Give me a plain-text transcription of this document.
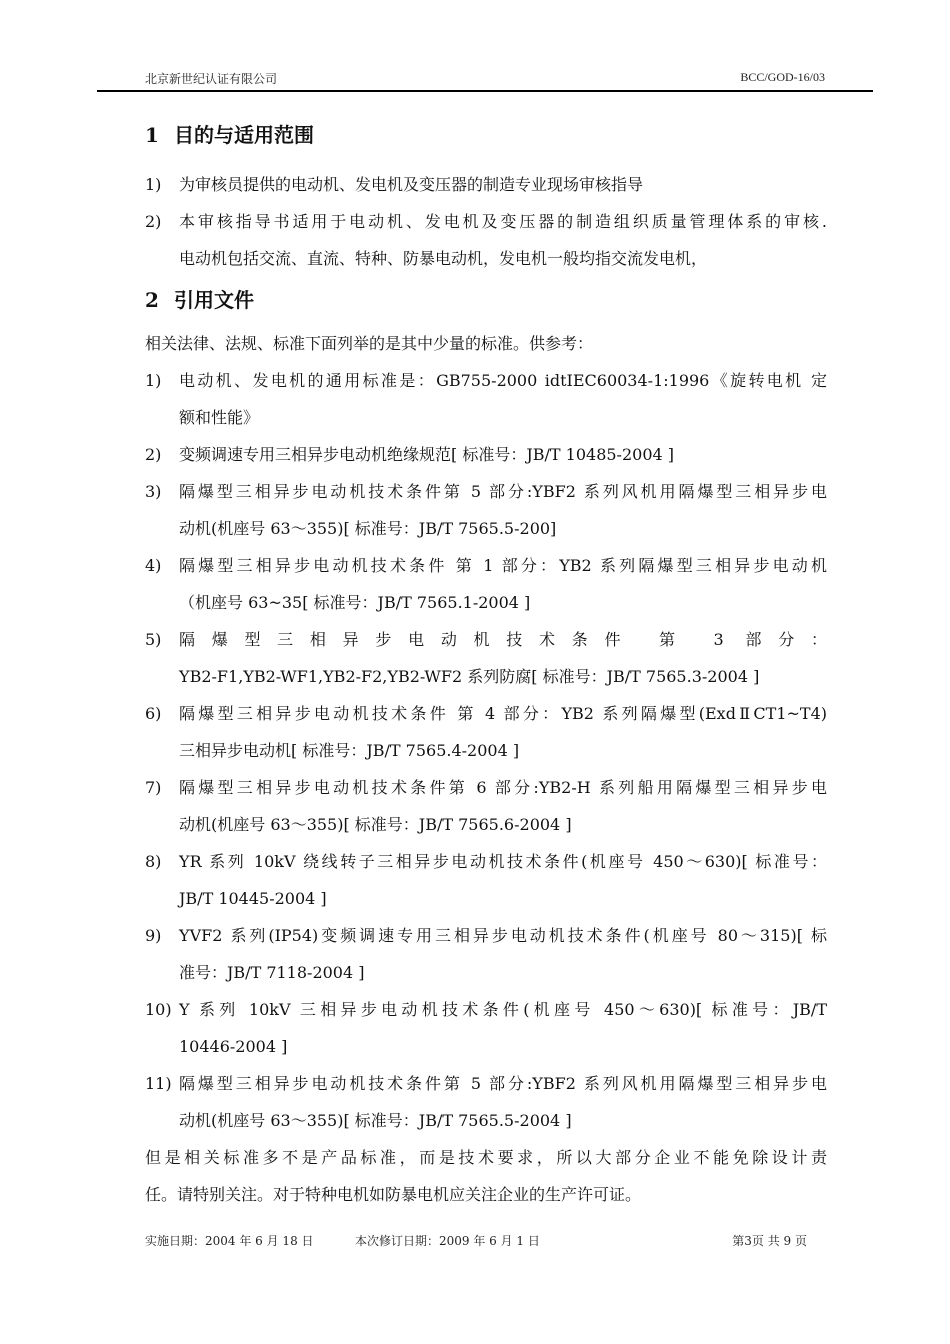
北京新世纪认证有限公司	BCC/GOD-16/03
1 目的与适用范围
1) 为审核员提供的电动机、发电机及变压器的制造专业现场审核指导
2) 本审核指导书适用于电动机、发电机及变压器的制造组织质量管理体系的审核.
电动机包括交流、直流、特种、防暴电动机，发电机一般均指交流发电机，
2 引用文件
相关法律、法规、标准下面列举的是其中少量的标准。供参考：
1) 电动机、发电机的通用标准是：GB755-2000 idtIEC60034-1:1996《旋转电机 定
额和性能》
2) 变频调速专用三相异步电动机绝缘规范[ 标准号：JB/T 10485-2004 ]
3) 隔爆型三相异步电动机技术条件第 5 部分:YBF2 系列风机用隔爆型三相异步电
动机(机座号 63～355)[ 标准号：JB/T 7565.5-200]
4) 隔爆型三相异步电动机技术条件 第 1 部分：YB2 系列隔爆型三相异步电动机
（机座号 63~35[ 标准号：JB/T 7565.1-2004 ]
5) 隔爆型三相异步电动机技术条件 第 3 部分：
YB2-F1,YB2-WF1,YB2-F2,YB2-WF2 系列防腐[ 标准号：JB/T 7565.3-2004 ]
6) 隔爆型三相异步电动机技术条件 第 4 部分：YB2 系列隔爆型(ExdⅡCT1~T4)
三相异步电动机[ 标准号：JB/T 7565.4-2004 ]
7) 隔爆型三相异步电动机技术条件第 6 部分:YB2-H 系列船用隔爆型三相异步电
动机(机座号 63～355)[ 标准号：JB/T 7565.6-2004 ]
8) YR 系列 10kV 绕线转子三相异步电动机技术条件(机座号 450～630)[ 标准号：
JB/T 10445-2004 ]
9) YVF2 系列(IP54)变频调速专用三相异步电动机技术条件(机座号 80～315)[ 标
准号：JB/T 7118-2004 ]
10) Y 系列 10kV 三相异步电动机技术条件(机座号 450～630)[ 标准号：JB/T
10446-2004 ]
11) 隔爆型三相异步电动机技术条件第 5 部分:YBF2 系列风机用隔爆型三相异步电
动机(机座号 63～355)[ 标准号：JB/T 7565.5-2004 ]
但是相关标准多不是产品标准，而是技术要求，所以大部分企业不能免除设计责
任。请特别关注。对于特种电机如防暴电机应关注企业的生产许可证。
实施日期：2004 年 6 月 18 日	本次修订日期：2009 年 6 月 1 日	第3页 共 9 页
